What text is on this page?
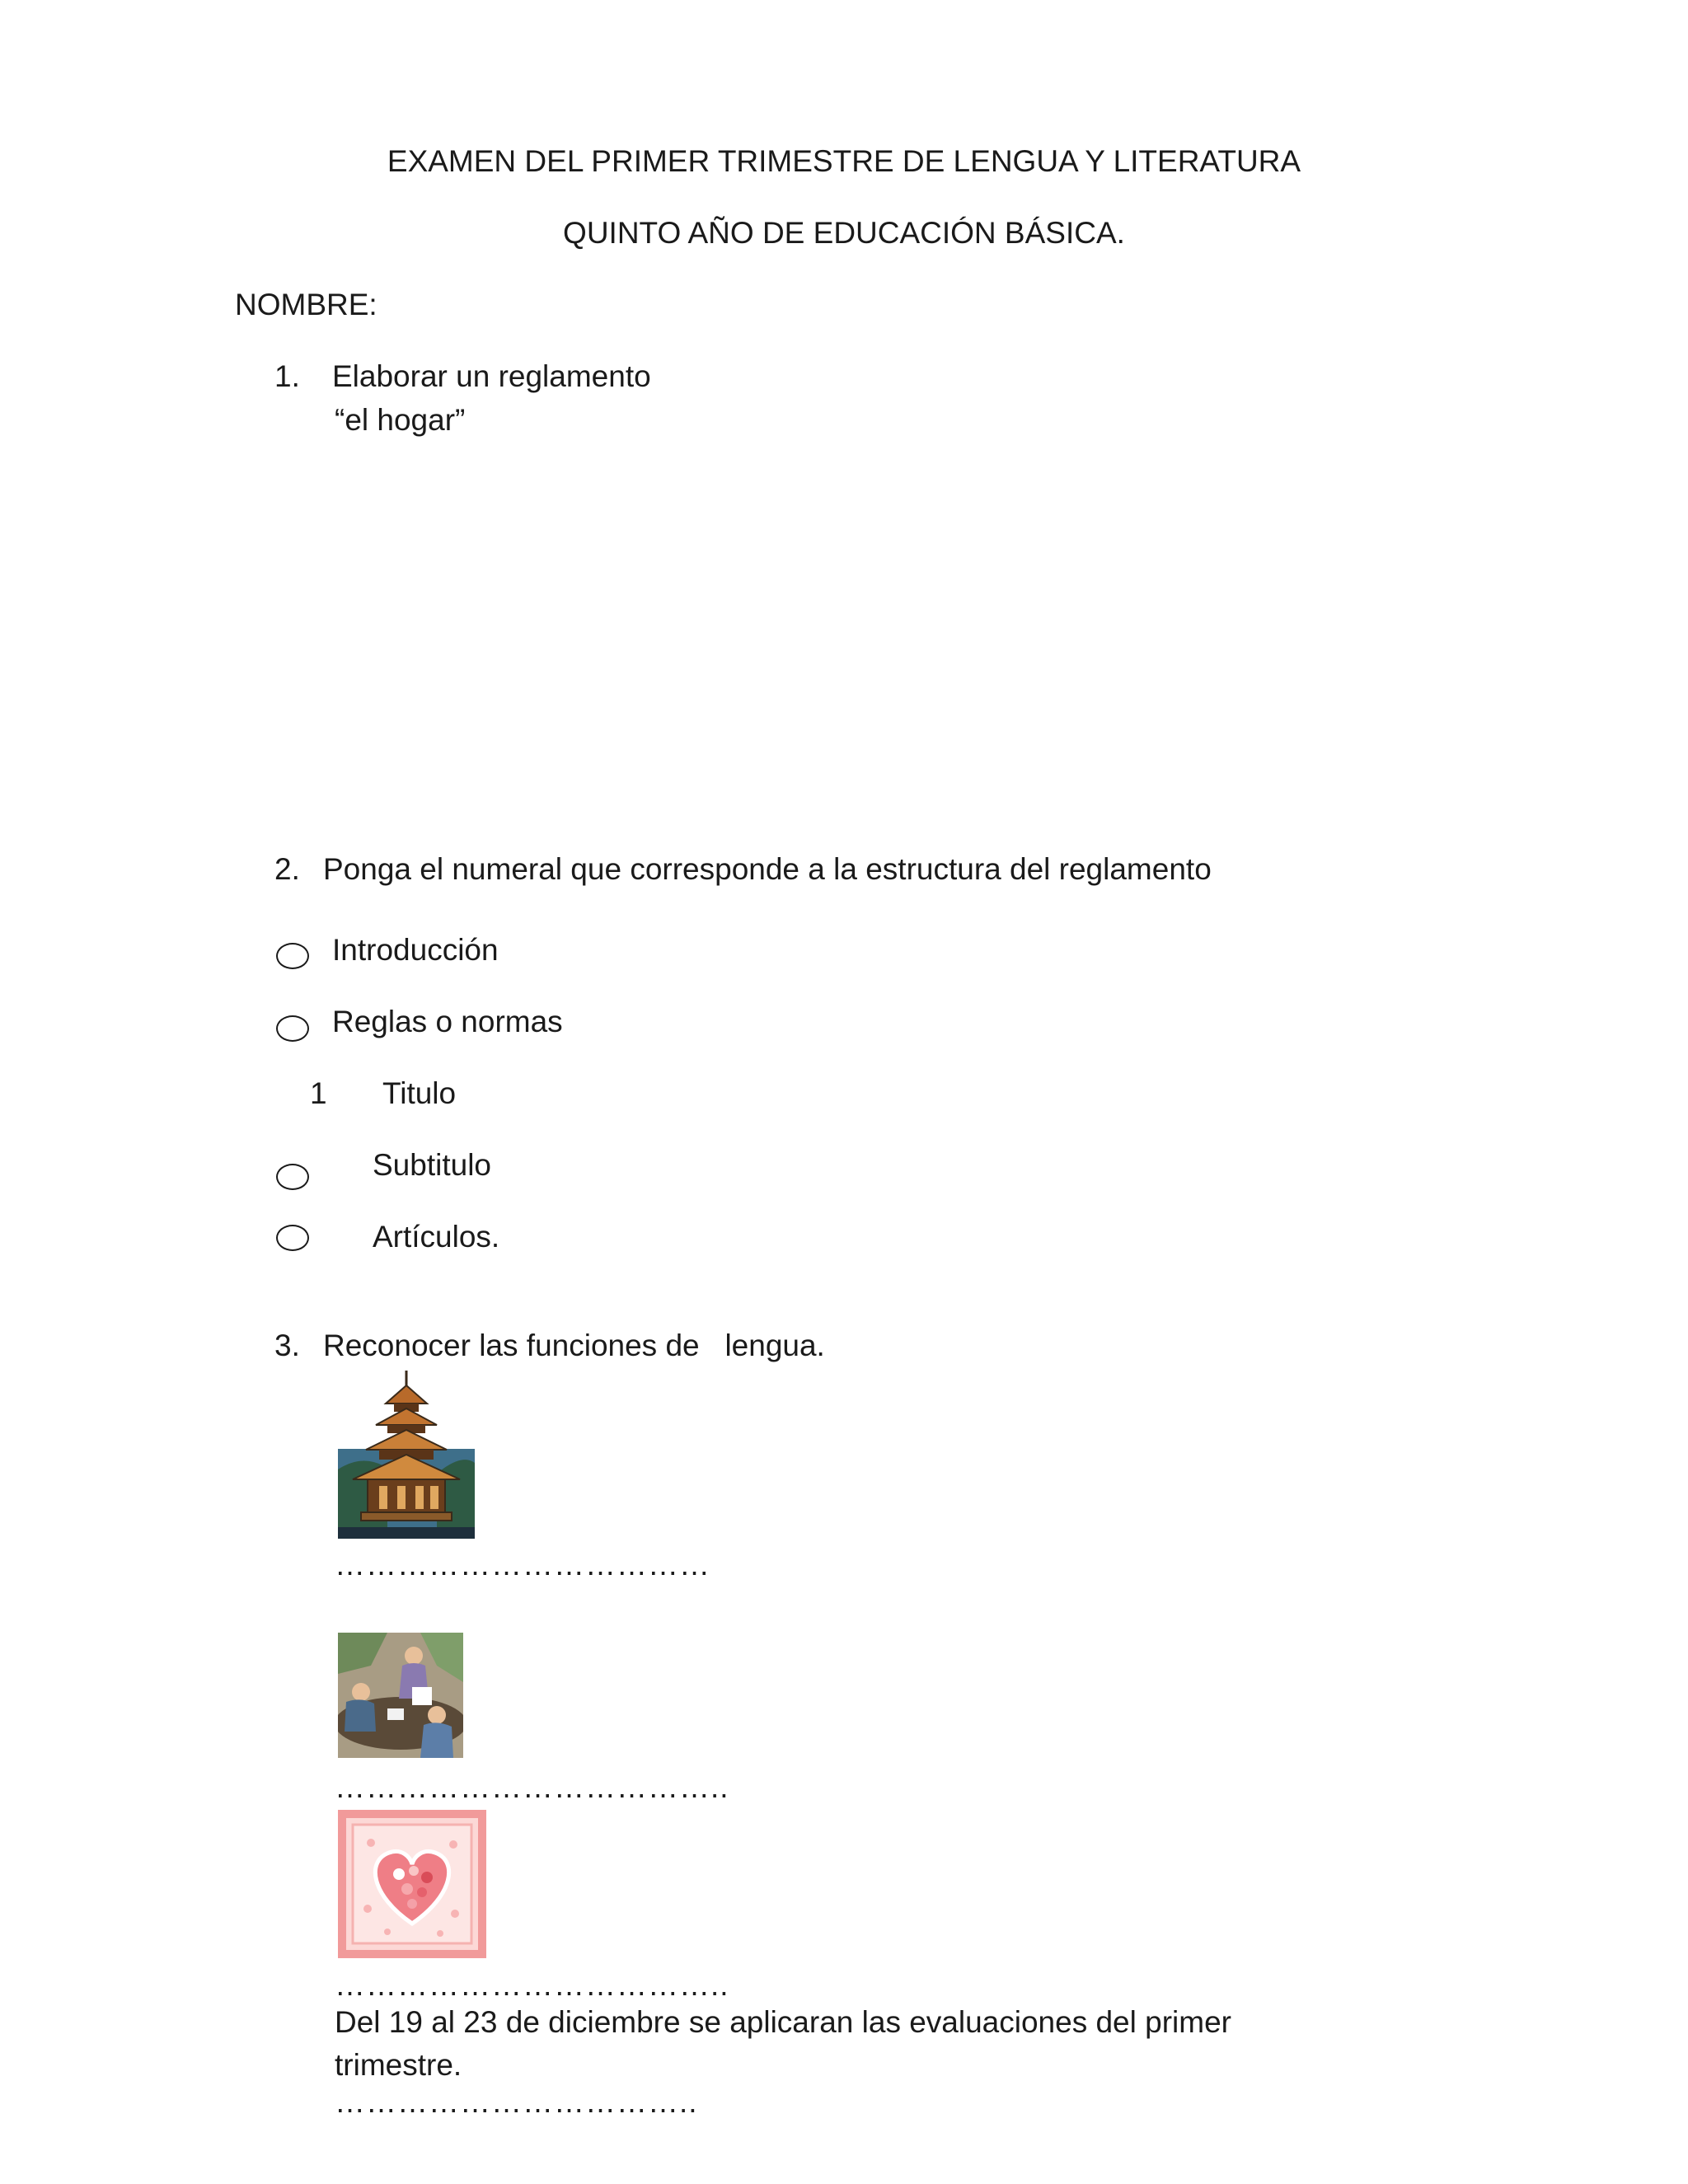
EXAMEN DEL PRIMER TRIMESTRE DE LENGUA Y LITERATURA
QUINTO AÑO DE EDUCACIÓN BÁSICA.
NOMBRE:
1. Elaborar un reglamento
“el hogar”
2. Ponga el numeral que corresponde a la estructura del reglamento
Introducción
Reglas o normas
1 Titulo
Subtitulo
Artículos.
3. Reconocer las funciones de   lengua.
………………………………
………………………………..
………………………………..
Del 19 al 23 de diciembre se aplicaran las evaluaciones del primer
trimestre.
……………………………..
